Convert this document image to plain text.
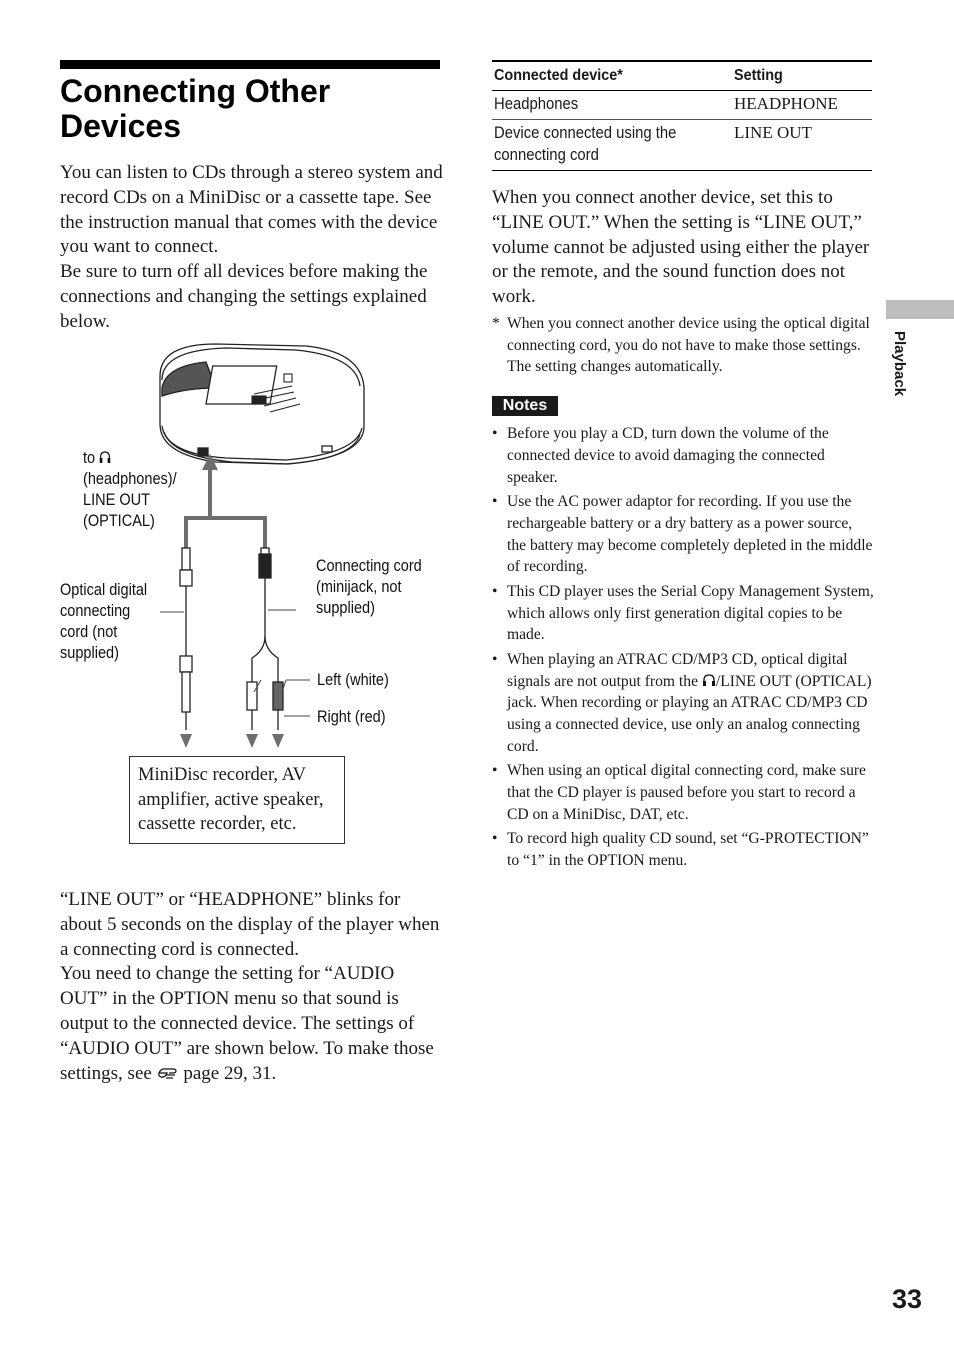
Connecting Other Devices

You can listen to CDs through a stereo system and record CDs on a MiniDisc or a cassette tape. See the instruction manual that comes with the device you want to connect.

Be sure to turn off all devices before making the connections and changing the settings explained below.

to
(headphones)/
LINE OUT
(OPTICAL)
Optical digital
connecting
cord (not
supplied)
Connecting cord
(minijack, not
supplied)
Left (white)
Right (red)
MiniDisc recorder, AV
amplifier, active speaker,
cassette recorder, etc.

“LINE OUT” or “HEADPHONE” blinks for about 5 seconds on the display of the player when a connecting cord is connected.

You need to change the setting for “AUDIO OUT” in the OPTION menu so that sound is output to the connected device. The settings of “AUDIO OUT” are shown below. To make those settings, see page 29, 31.

Connected device*	Setting
Headphones	HEADPHONE
Device connected using the
connecting cord	LINE OUT

When you connect another device, set this to “LINE OUT.” When the setting is “LINE OUT,” volume cannot be adjusted using either the player or the remote, and the sound function does not work.

* When you connect another device using the optical digital connecting cord, you do not have to make those settings. The setting changes automatically.
Notes
• Before you play a CD, turn down the volume of the connected device to avoid damaging the connected speaker.
• Use the AC power adaptor for recording. If you use the rechargeable battery or a dry battery as a power source, the battery may become completely depleted in the middle of recording.
• This CD player uses the Serial Copy Management System, which allows only first generation digital copies to be made.
• When playing an ATRAC CD/MP3 CD, optical digital signals are not output from the /LINE OUT (OPTICAL) jack. When recording or playing an ATRAC CD/MP3 CD using a connected device, use only an analog connecting cord.
• When using an optical digital connecting cord, make sure that the CD player is paused before you start to record a CD on a MiniDisc, DAT, etc.
• To record high quality CD sound, set “G-PROTECTION” to “1” in the OPTION menu.
Playback
33
